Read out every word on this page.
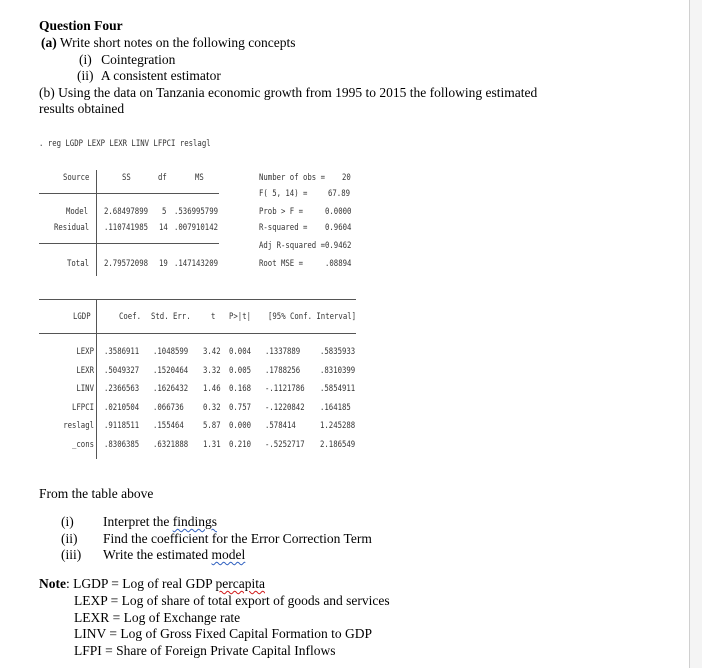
Question Four
(a) Write short notes on the following concepts
(i) Cointegration
(ii) A consistent estimator
(b) Using the data on Tanzania economic growth from 1995 to 2015 the following estimated
results obtained
. reg LGDP LEXP LEXR LINV LFPCI reslagl
Source	SS	df	MS
Model 2.68497899 5 .536995799
Residual .110741985 14 .007910142
Total 2.79572098 19 .147143209
Number of obs = 20
F( 5, 14) = 67.89
Prob > F =	0.0000
R-squared = 0.9604
Adj R-squared = 0.9462
Root MSE =	.08894
LGDP	Coef. Std. Err. t P>|t| [95% Conf. Interval]
LEXP .3586911 .1048599 3.42 0.004 .1337889 .5835933
LEXR .5049327 .1520464 3.32 0.005 .1788256 .8310399
LINV .2366563 .1626432 1.46 0.168 -.1121786 .5854911
LFPCI .0210504 .066736 0.32 0.757 -.1220842 .164185
reslagl .9118511 .155464 5.87 0.000 .578414	1.245288
_cons .8306385 .6321888 1.31 0.210 -.5252717 2.186549
From the table above
(i) Interpret the findings
(ii) Find the coefficient for the Error Correction Term
(iii) Write the estimated model
Note: LGDP = Log of real GDP percapita
LEXP = Log of share of total export of goods and services
LEXR = Log of Exchange rate
LINV = Log of Gross Fixed Capital Formation to GDP
LFPI = Share of Foreign Private Capital Inflows
